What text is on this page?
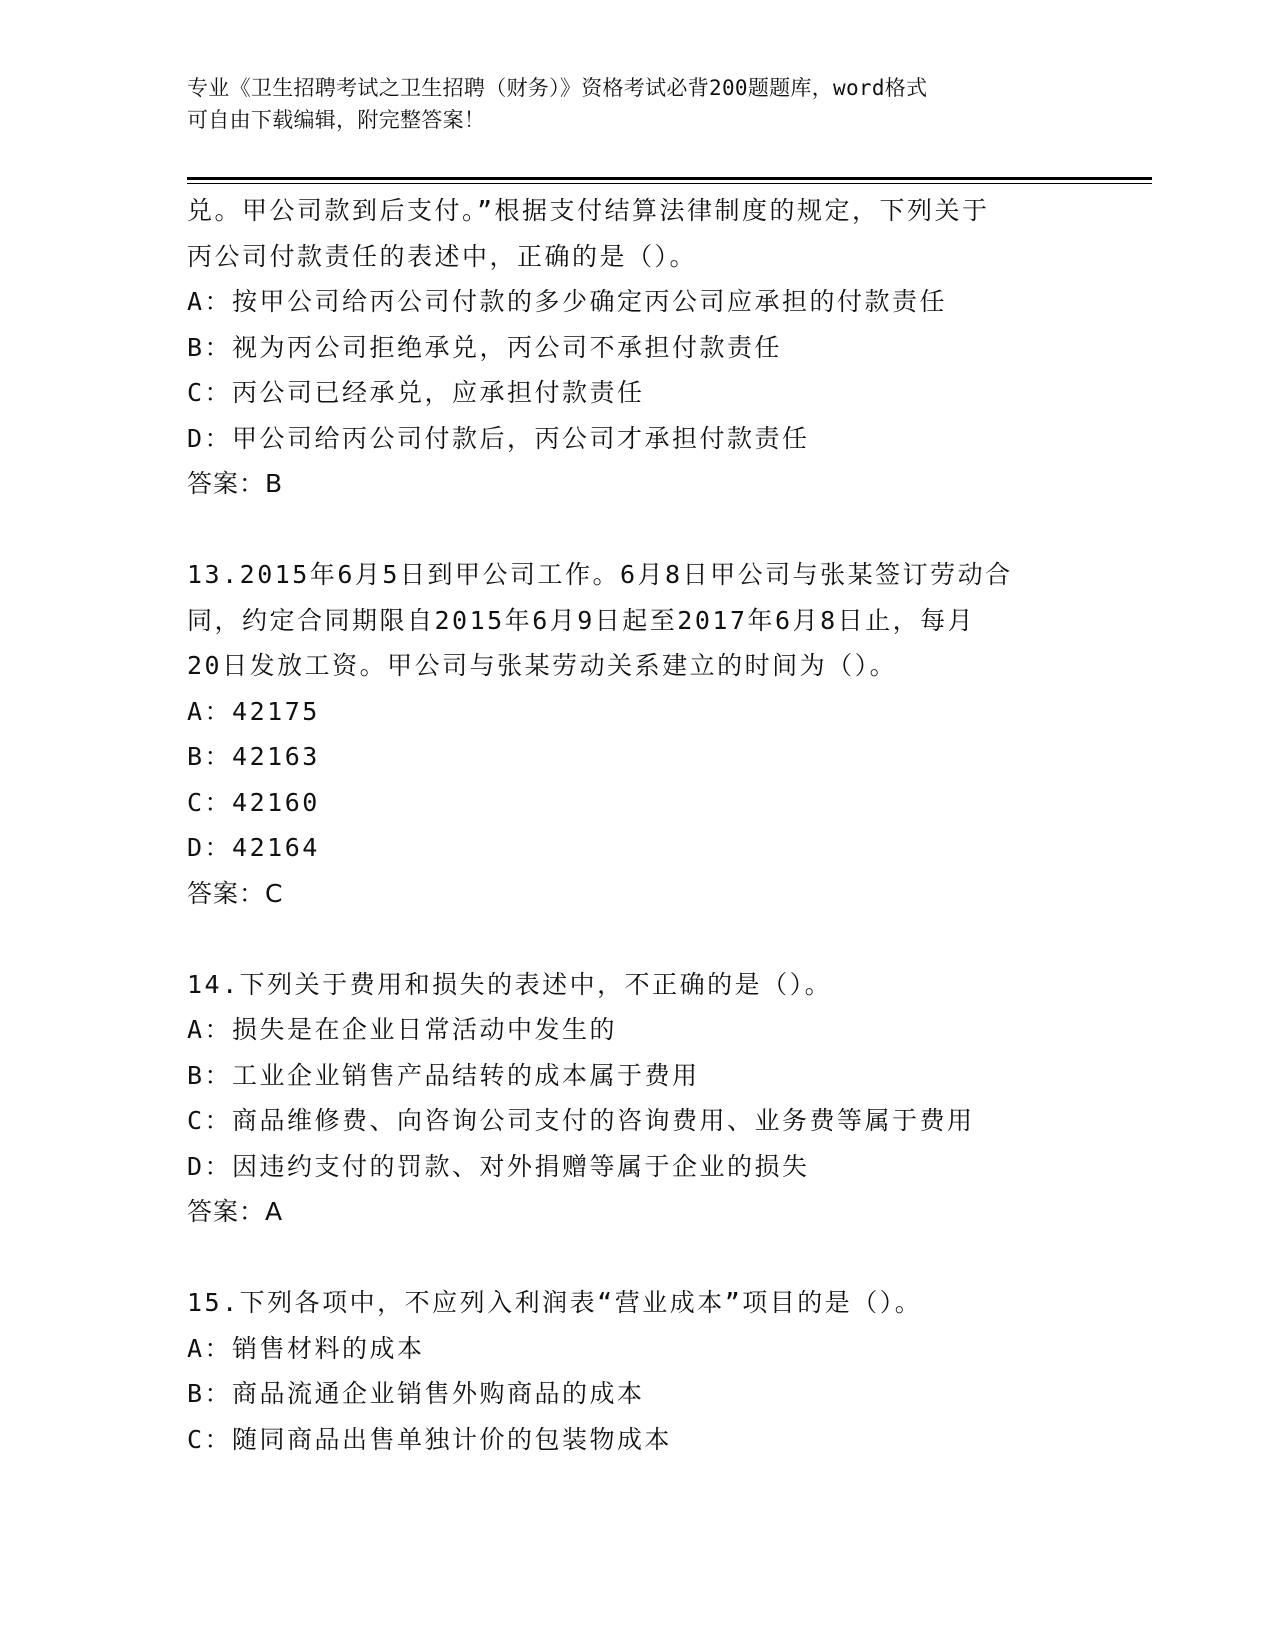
专业《卫生招聘考试之卫生招聘（财务）》资格考试必背200题题库，word格式
可自由下载编辑，附完整答案！
兑。甲公司款到后支付。”根据支付结算法律制度的规定，下列关于
丙公司付款责任的表述中，正确的是（）。
A：按甲公司给丙公司付款的多少确定丙公司应承担的付款责任
B：视为丙公司拒绝承兑，丙公司不承担付款责任
C：丙公司已经承兑，应承担付款责任
D：甲公司给丙公司付款后，丙公司才承担付款责任
答案：B
13.2015年6月5日到甲公司工作。6月8日甲公司与张某签订劳动合
同，约定合同期限自2015年6月9日起至2017年6月8日止，每月
20日发放工资。甲公司与张某劳动关系建立的时间为（）。
A：42175
B：42163
C：42160
D：42164
答案：C
14.下列关于费用和损失的表述中，不正确的是（）。
A：损失是在企业日常活动中发生的
B：工业企业销售产品结转的成本属于费用
C：商品维修费、向咨询公司支付的咨询费用、业务费等属于费用
D：因违约支付的罚款、对外捐赠等属于企业的损失
答案：A
15.下列各项中，不应列入利润表“营业成本”项目的是（）。
A：销售材料的成本
B：商品流通企业销售外购商品的成本
C：随同商品出售单独计价的包装物成本
